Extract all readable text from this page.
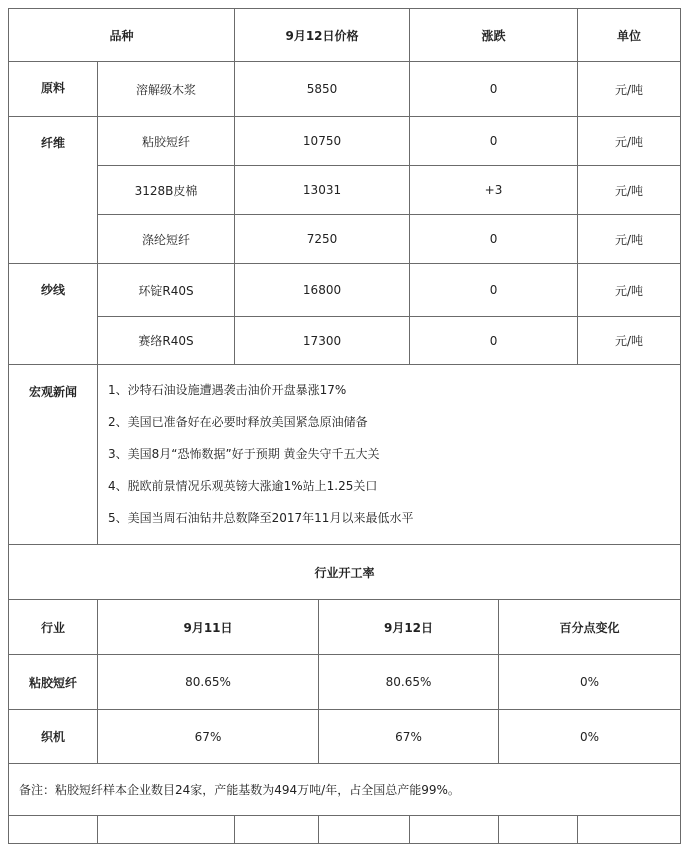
品种		9月12日价格		涨跌		单位

原料	溶解级木浆	5850		0		元/吨

纤维	粘胶短纤	10750		0		元/吨
	3128B皮棉	13031		+3		元/吨
	涤纶短纤	7250		0		元/吨

纱线	环锭R40S	16800		0		元/吨
	赛络R40S	17300		0		元/吨

宏观新闻	1、沙特石油设施遭遇袭击油价开盘暴涨17%
2、美国已准备好在必要时释放美国紧急原油储备
3、美国8月“恐怖数据”好于预期 黄金失守千五大关
4、脱欧前景情况乐观英镑大涨逾1%站上1.25关口
5、美国当周石油钻井总数降至2017年11月以来最低水平					

行业开工率						
行业	9月11日		9月12日		百分点变化	
粘胶短纤	80.65%		80.65%		0%	
织机	67%		67%		0%	
备注：粘胶短纤样本企业数目24家，产能基数为494万吨/年，占全国总产能99%。						
